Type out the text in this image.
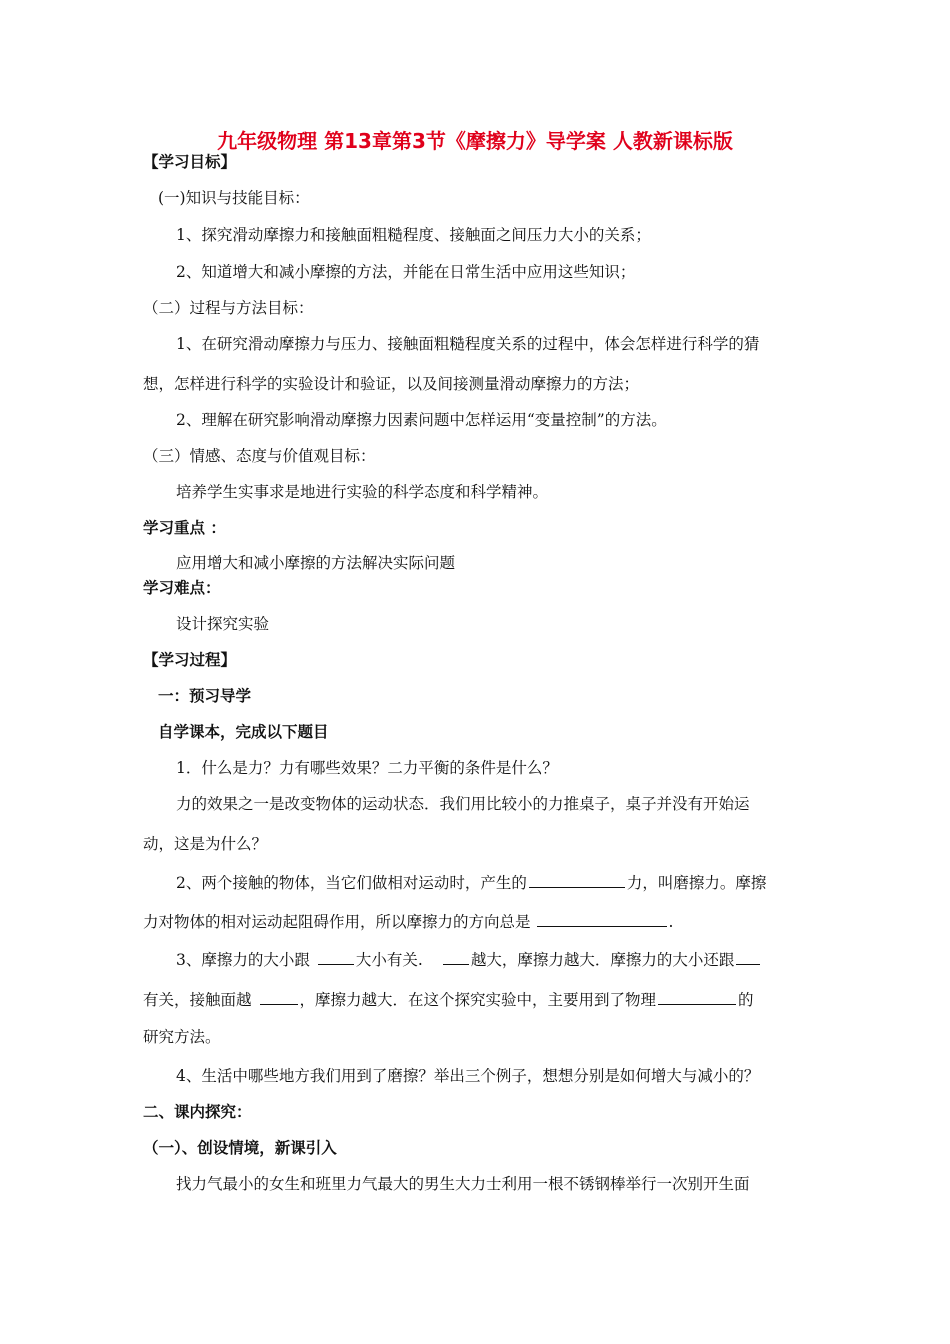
九年级物理 第13章第3节《摩擦力》导学案 人教新课标版
【学习目标】
(一)知识与技能目标：
1、探究滑动摩擦力和接触面粗糙程度、接触面之间压力大小的关系；
2、知道增大和减小摩擦的方法，并能在日常生活中应用这些知识；
（二）过程与方法目标：
1、在研究滑动摩擦力与压力、接触面粗糙程度关系的过程中，体会怎样进行科学的猜
想，怎样进行科学的实验设计和验证，以及间接测量滑动摩擦力的方法；
2、理解在研究影响滑动摩擦力因素问题中怎样运用“变量控制”的方法。
（三）情感、态度与价值观目标：
培养学生实事求是地进行实验的科学态度和科学精神。
学习重点 ：
应用增大和减小摩擦的方法解决实际问题
学习难点：
设计探究实验
【学习过程】
一：预习导学
自学课本，完成以下题目
1．什么是力？力有哪些效果？二力平衡的条件是什么？
力的效果之一是改变物体的运动状态．我们用比较小的力推桌子，桌子并没有开始运
动，这是为什么？
2、两个接触的物体，当它们做相对运动时，产生的	力，叫磨擦力。摩擦
力对物体的相对运动起阻碍作用，所以摩擦力的方向总是	.
3、摩擦力的大小跟	大小有关.	越大，摩擦力越大．摩擦力的大小还跟
有关，接触面越	，摩擦力越大．在这个探究实验中，主要用到了物理	的
研究方法。
4、生活中哪些地方我们用到了磨擦？举出三个例子，想想分别是如何增大与减小的？
二、课内探究：
（一）、创设情境，新课引入
找力气最小的女生和班里力气最大的男生大力士利用一根不锈钢棒举行一次别开生面
